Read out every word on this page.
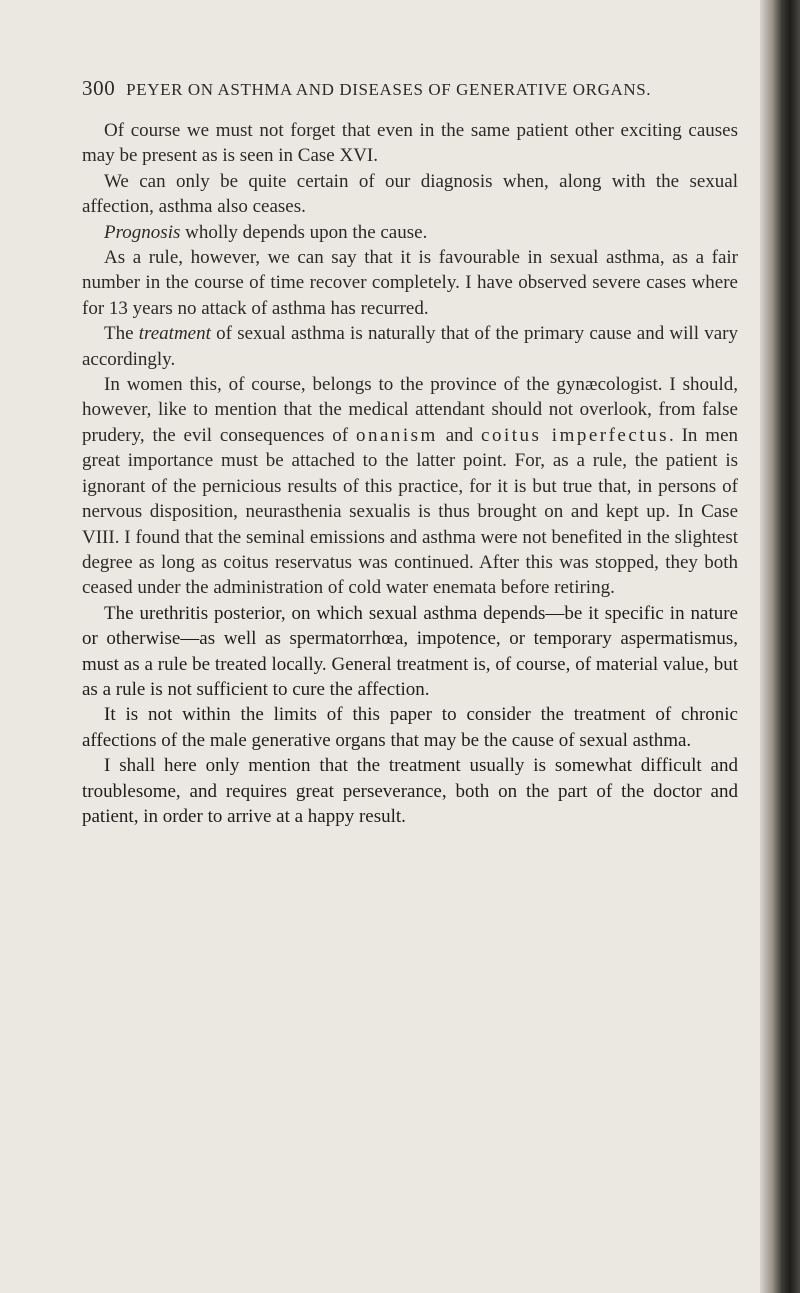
300 PEYER ON ASTHMA AND DISEASES OF GENERATIVE ORGANS.

Of course we must not forget that even in the same patient other exciting causes may be present as is seen in Case XVI.

We can only be quite certain of our diagnosis when, along with the sexual affection, asthma also ceases.

Prognosis wholly depends upon the cause.

As a rule, however, we can say that it is favourable in sexual asthma, as a fair number in the course of time recover completely. I have observed severe cases where for 13 years no attack of asthma has recurred.

The treatment of sexual asthma is naturally that of the primary cause and will vary accordingly.

In women this, of course, belongs to the province of the gynæcologist. I should, however, like to mention that the medical attendant should not overlook, from false prudery, the evil consequences of onanism and coitus imperfectus. In men great importance must be attached to the latter point. For, as a rule, the patient is ignorant of the pernicious results of this practice, for it is but true that, in persons of nervous disposition, neurasthenia sexualis is thus brought on and kept up. In Case VIII. I found that the seminal emissions and asthma were not benefited in the slightest degree as long as coitus reservatus was continued. After this was stopped, they both ceased under the administration of cold water enemata before retiring.

The urethritis posterior, on which sexual asthma depends—be it specific in nature or otherwise—as well as spermatorrhœa, impotence, or temporary aspermatismus, must as a rule be treated locally. General treatment is, of course, of material value, but as a rule is not sufficient to cure the affection.

It is not within the limits of this paper to consider the treatment of chronic affections of the male generative organs that may be the cause of sexual asthma.

I shall here only mention that the treatment usually is somewhat difficult and troublesome, and requires great perseverance, both on the part of the doctor and patient, in order to arrive at a happy result.
